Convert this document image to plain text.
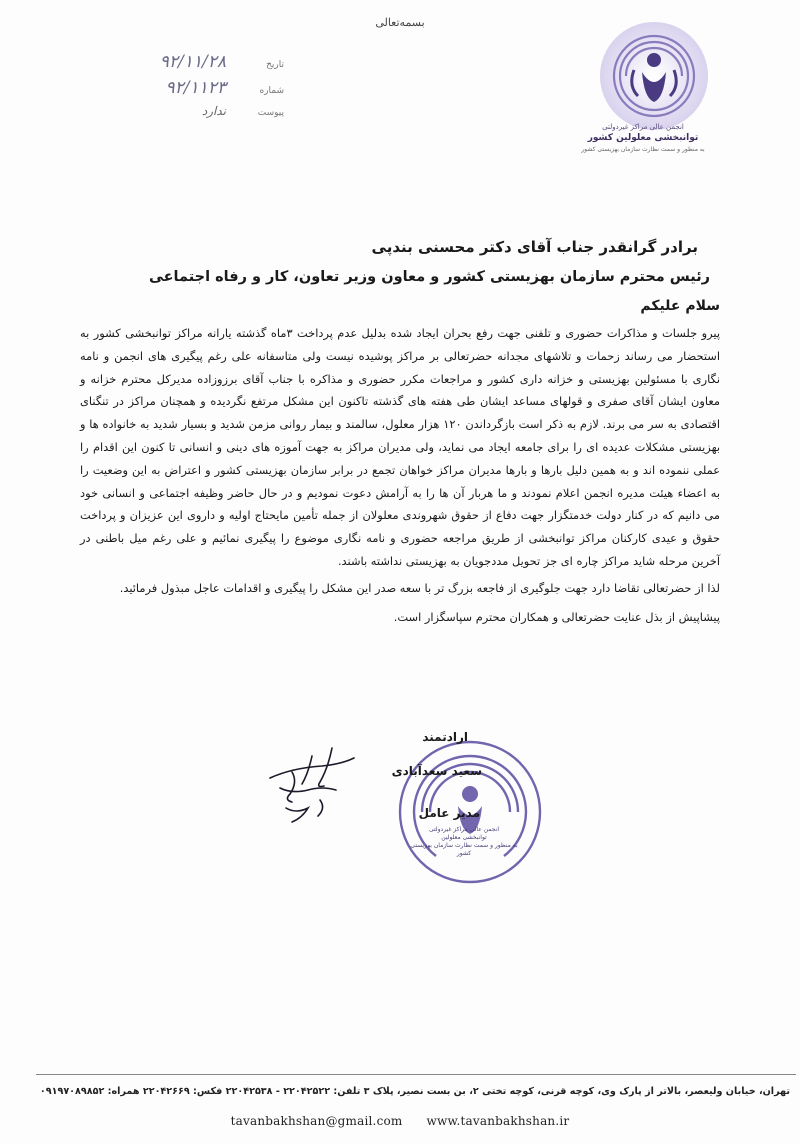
بسمه‌تعالی
انجمن عالی مراکز غیردولتی
توانبخشی معلولین کشور
به منظور و سمت نظارت سازمان بهزیستی کشور
تاریخ
۹۲/۱۱/۲۸
شماره
۹۲/۱۱۲۳
پیوست
ندارد

برادر گرانقدر جناب آقای دکتر محسنی بندپی

رئیس محترم سازمان بهزیستی کشور و معاون وزیر تعاون، کار و رفاه اجتماعی

سلام علیکم

پیرو جلسات و مذاکرات حضوری و تلفنی جهت رفع بحران ایجاد شده بدلیل عدم پرداخت ۳ماه گذشته یارانه مراکز توانبخشی کشور به استحضار می رساند زحمات و تلاشهای مجدانه حضرتعالی بر مراکز پوشیده نیست ولی متاسفانه علی رغم پیگیری های انجمن و نامه نگاری با مسئولین بهزیستی و خزانه داری کشور و مراجعات مکرر حضوری و مذاکره با جناب آقای برزوزاده مدیرکل محترم خزانه و معاون ایشان آقای صفری و قولهای مساعد ایشان طی هفته های گذشته تاکنون این مشکل مرتفع نگردیده و همچنان مراکز در تنگنای اقتصادی به سر می برند. لازم به ذکر است بازگرداندن ۱۲۰ هزار معلول، سالمند و بیمار روانی مزمن شدید و بسیار شدید به خانواده ها و بهزیستی مشکلات عدیده ای را برای جامعه ایجاد می نماید، ولی مدیران مراکز به جهت آموزه های دینی و انسانی تا کنون این اقدام را عملی ننموده اند و به همین دلیل بارها و بارها مدیران مراکز خواهان تجمع در برابر سازمان بهزیستی کشور و اعتراض به این وضعیت را به اعضاء هیئت مدیره انجمن اعلام نمودند و ما هربار آن ها را به آرامش دعوت نمودیم و در حال حاضر وظیفه اجتماعی و انسانی خود می دانیم که در کنار دولت خدمتگزار جهت دفاع از حقوق شهروندی معلولان از جمله تأمین مایحتاج اولیه و داروی این عزیزان و پرداخت حقوق و عیدی کارکنان مراکز توانبخشی از طریق مراجعه حضوری و نامه نگاری موضوع را پیگیری نمائیم و علی رغم میل باطنی در آخرین مرحله شاید مراکز چاره ای جز تحویل مددجویان به بهزیستی نداشته باشند.

لذا از حضرتعالی تقاضا دارد جهت جلوگیری از فاجعه بزرگ تر با سعه صدر این مشکل را پیگیری و اقدامات عاجل مبذول فرمائید.

پیشاپیش از بذل عنایت حضرتعالی و همکاران محترم سپاسگزار است.

انجمن عالی مراکز غیردولتی
توانبخشی معلولین
به منظور و سمت نظارت سازمان بهزیستی کشور
ارادتمند
سعید سعدآبادی
مدیر عامل
تهران، خیابان ولیعصر، بالاتر از پارک وی، کوچه قرنی، کوچه تختی ۲، بن بست نصیر، پلاک ۳ تلفن: ۲۲۰۴۲۵۲۲ - ۲۲۰۴۲۵۳۸ فکس: ۲۲۰۴۲۶۶۹ همراه: ۰۹۱۹۷۰۸۹۸۵۲
tavanbakhshan@gmail.com www.tavanbakhshan.ir
